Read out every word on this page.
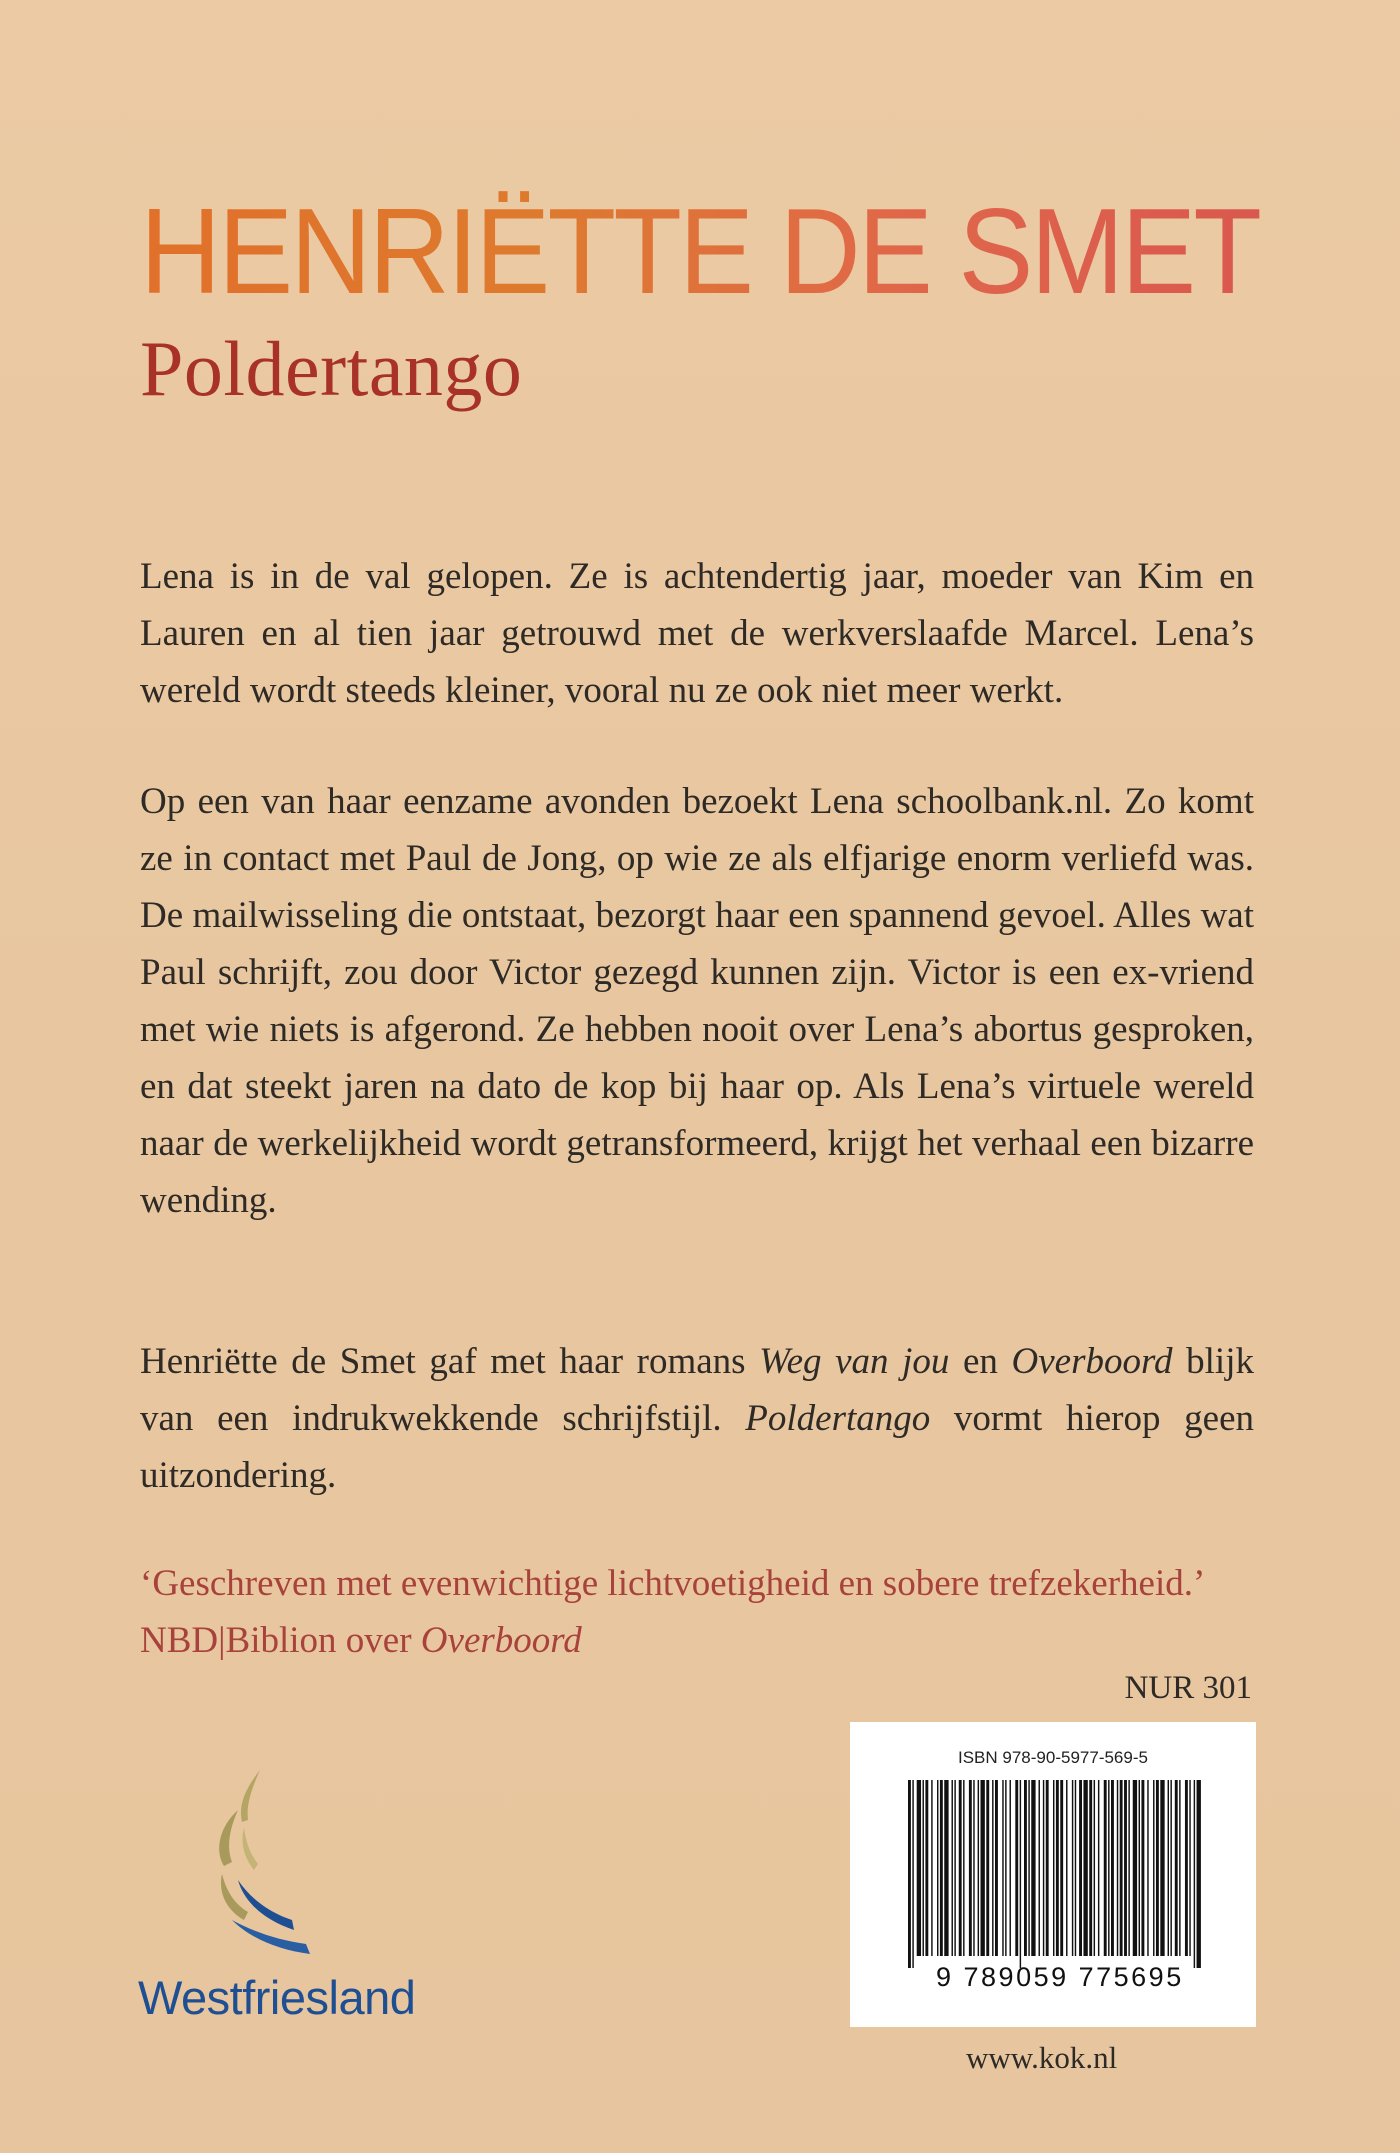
HENRIËTTE DE SMET
Poldertango

Lena is in de val gelopen. Ze is achtendertig jaar, moeder van Kim en Lauren en al tien jaar getrouwd met de werkverslaafde Marcel. Lena’s wereld wordt steeds kleiner, vooral nu ze ook niet meer werkt.

Op een van haar eenzame avonden bezoekt Lena schoolbank.nl. Zo komt ze in contact met Paul de Jong, op wie ze als elfjarige enorm verliefd was. De mailwisseling die ontstaat, bezorgt haar een spannend gevoel. Alles wat Paul schrijft, zou door Victor gezegd kunnen zijn. Victor is een ex-vriend met wie niets is afgerond. Ze hebben nooit over Lena’s abortus gesproken, en dat steekt jaren na dato de kop bij haar op. Als Lena’s virtuele wereld naar de werkelijkheid wordt getransformeerd, krijgt het verhaal een bizarre wending.

Henriëtte de Smet gaf met haar romans Weg van jou en Overboord blijk van een indrukwekkende schrijfstijl. Poldertango vormt hierop geen uitzondering.

‘Geschreven met evenwichtige lichtvoetigheid en sobere trefzekerheid.’ NBD|Biblion over Overboord

NUR 301

ISBN 978-90-5977-569-5
9 789059 775695

www.kok.nl

Westfriesland
